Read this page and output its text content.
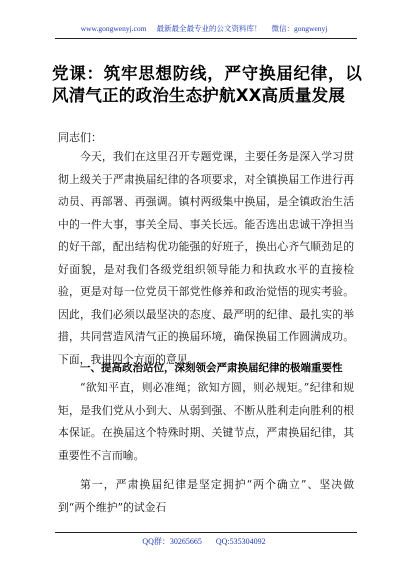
www.gongwenyj.com 最新最全最专业的公文资料库！ 微信：gongwenyj
党课：筑牢思想防线，严守换届纪律，以风清气正的政治生态护航XX高质量发展
同志们：

今天，我们在这里召开专题党课，主要任务是深入学习贯彻上级关于严肃换届纪律的各项要求，对全镇换届工作进行再动员、再部署、再强调。镇村两级集中换届，是全镇政治生活中的一件大事，事关全局、事关长远。能否选出忠诚干净担当的好干部，配出结构优功能强的好班子，换出心齐气顺劲足的好面貌，是对我们各级党组织领导能力和执政水平的直接检验，更是对每一位党员干部党性修养和政治觉悟的现实考验。因此，我们必须以最坚决的态度、最严明的纪律、最扎实的举措，共同营造风清气正的换届环境，确保换届工作圆满成功。下面，我讲四个方面的意见。

一、提高政治站位，深刻领会严肃换届纪律的极端重要性

“欲知平直，则必准绳；欲知方圆，则必规矩。”纪律和规矩，是我们党从小到大、从弱到强、不断从胜利走向胜利的根本保证。在换届这个特殊时期、关键节点，严肃换届纪律，其重要性不言而喻。

第一，严肃换届纪律是坚定拥护“两个确立”、坚决做到“两个维护”的试金石

QQ群：30265665 QQ:535304092
